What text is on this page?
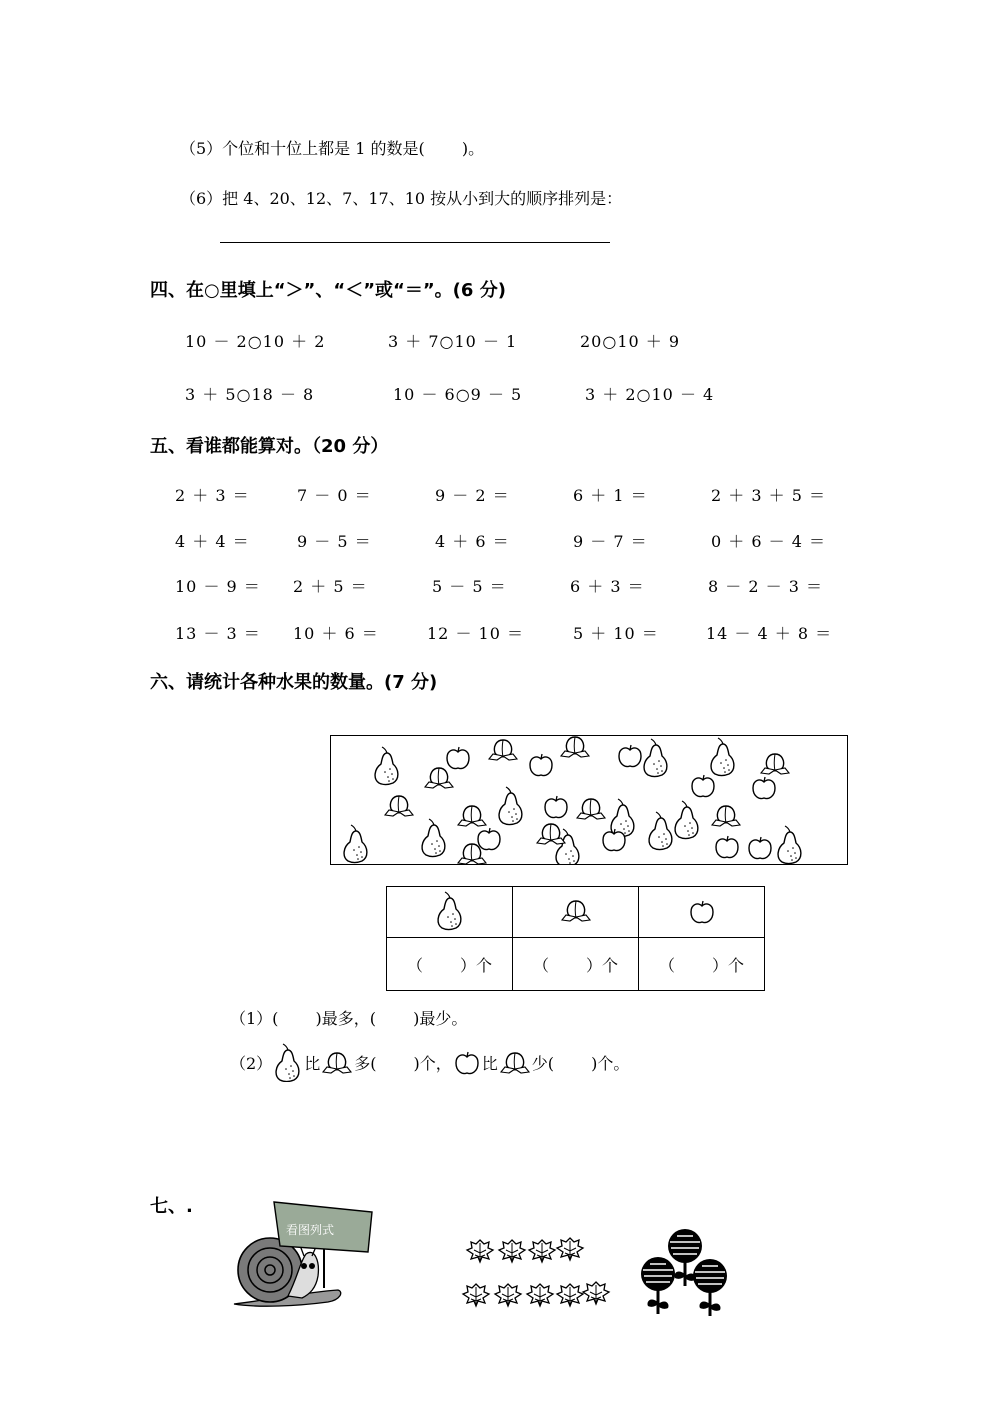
（5）个位和十位上都是 1 的数是(　　 )。
（6）把 4、20、12、7、17、10 按从小到大的顺序排列是：
四、在○里填上“＞”、“＜”或“＝”。(6 分)
10 － 2○10 ＋ 2	3 ＋ 7○10 － 1	20○10 ＋ 9
3 ＋ 5○18 － 8	10 － 6○9 － 5	3 ＋ 2○10 － 4
五、看谁都能算对。（20 分）
2 ＋ 3 ＝	7 － 0 ＝	9 － 2 ＝	6 ＋ 1 ＝	2 ＋ 3 ＋ 5 ＝
4 ＋ 4 ＝	9 － 5 ＝	4 ＋ 6 ＝	9 － 7 ＝	0 ＋ 6 － 4 ＝
10 － 9 ＝ 2 ＋ 5 ＝	5 － 5 ＝	6 ＋ 3 ＝	8 － 2 － 3 ＝
13 － 3 ＝ 10 ＋ 6 ＝	12 － 10 ＝	5 ＋ 10 ＝	14 － 4 ＋ 8 ＝
六、请统计各种水果的数量。(7 分)

（　　 ）个	（　　 ）个	（　　 ）个
（1）(　　 )最多，(　　 )最少。
（2） 比 多(　　 )个， 比 少(　　 )个。
七、.
看图列式
